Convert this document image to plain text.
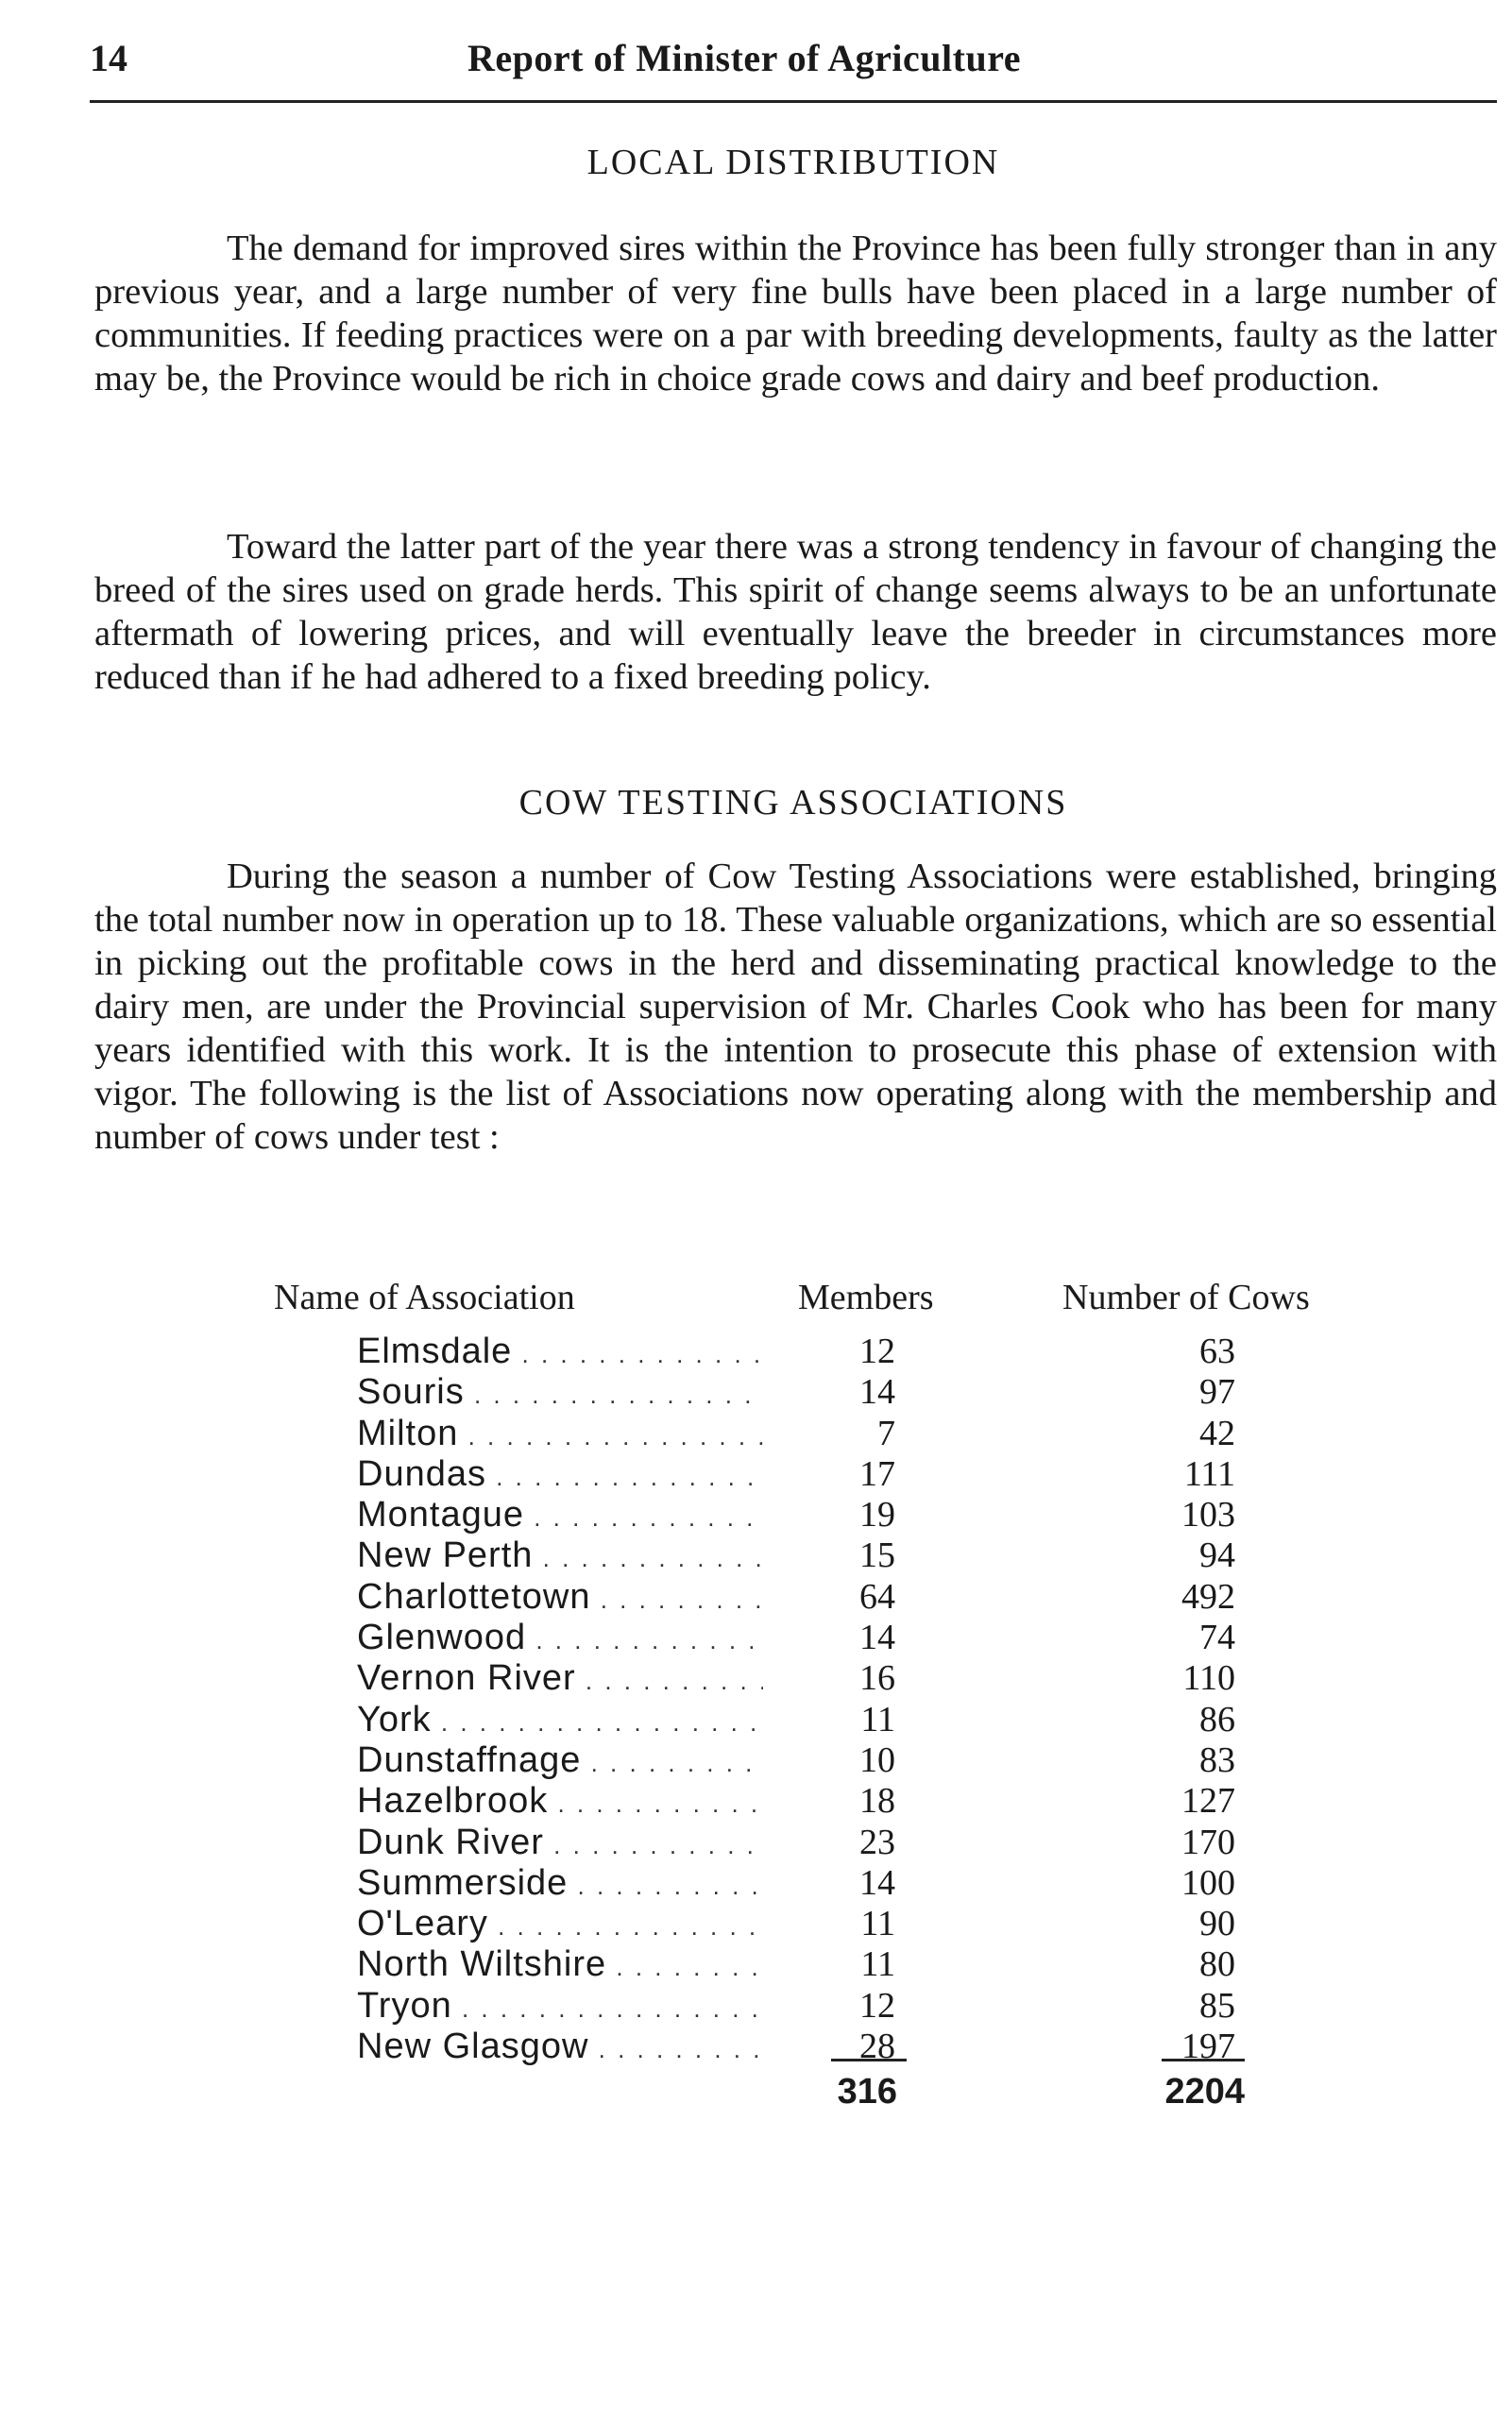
14	Report of Minister of Agriculture
LOCAL DISTRIBUTION

The demand for improved sires within the Province has been fully stronger than in any previous year, and a large number of very fine bulls have been placed in a large number of communities. If feeding practices were on a par with breeding developments, faulty as the latter may be, the Province would be rich in choice grade cows and dairy and beef production.

Toward the latter part of the year there was a strong tendency in favour of changing the breed of the sires used on grade herds. This spirit of change seems always to be an unfortunate aftermath of lowering prices, and will eventually leave the breeder in circumstances more reduced than if he had adhered to a fixed breeding policy.

COW TESTING ASSOCIATIONS

During the season a number of Cow Testing Associations were established, bringing the total number now in operation up to 18. These valuable organizations, which are so essential in picking out the profitable cows in the herd and disseminating practical knowledge to the dairy men, are under the Provincial supervision of Mr. Charles Cook who has been for many years identified with this work. It is the intention to prosecute this phase of extension with vigor. The following is the list of Associations now operating along with the membership and number of cows under test :

Name of Association	Members	Number of Cows
Elmsdale . . .	12	63
Souris . . .	14	97
Milton . . .	7	42
Dundas . . .	17	111
Montague . . .	19	103
New Perth . . .	15	94
Charlottetown . . .	64	492
Glenwood . . .	14	74
Vernon River . . .	16	110
York . . .	11	86
Dunstaffnage . . .	10	83
Hazelbrook . . .	18	127
Dunk River . . .	23	170
Summerside . . .	14	100
O'Leary . . .	11	90
North Wiltshire . . .	11	80
Tryon . . .	12	85
New Glasgow . . .	28	197
316	2204
